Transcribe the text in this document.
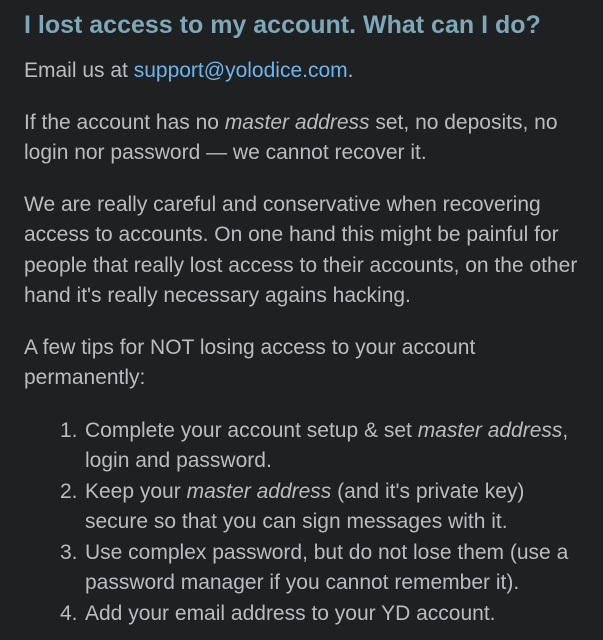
I lost access to my account. What can I do?

Email us at support@yolodice.com.

If the account has no master address set, no deposits, no login nor password — we cannot recover it.

We are really careful and conservative when recovering access to accounts. On one hand this might be painful for people that really lost access to their accounts, on the other hand it's really necessary agains hacking.

A few tips for NOT losing access to your account permanently:

1. Complete your account setup & set master address, login and password.
2. Keep your master address (and it's private key) secure so that you can sign messages with it.
3. Use complex password, but do not lose them (use a password manager if you cannot remember it).
4. Add your email address to your YD account.
